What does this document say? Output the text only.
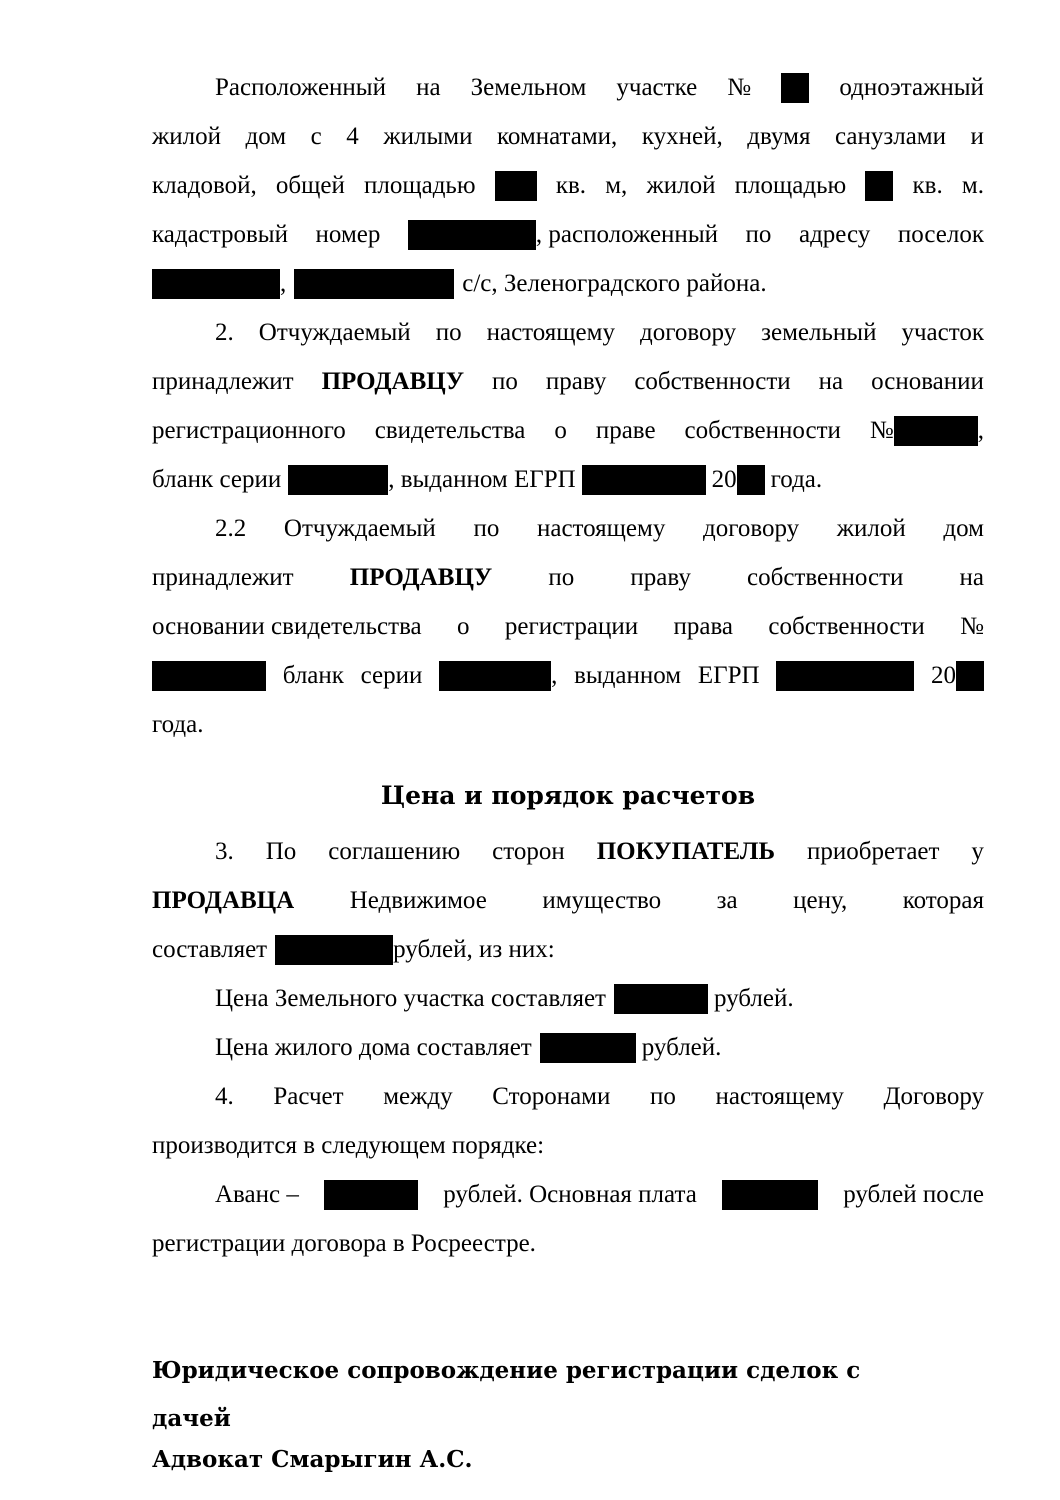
Расположенный на Земельном участке №	одноэтажный
жилой дом с 4 жилыми комнатами, кухней, двумя санузлами и
кладовой, общей площадью	кв. м, жилой площадью	кв. м.
кадастровый номер	, расположенный по адресу поселок
,	с/с, Зеленоградского района.
2. Отчуждаемый по настоящему договору земельный участок
принадлежит ПРОДАВЦУ по праву собственности на основании
регистрационного свидетельства о праве собственности №	,
бланк серии	, выданном ЕГРП	20 года.
2.2 Отчуждаемый по настоящему договору жилой дом
принадлежит ПРОДАВЦУ по праву собственности на
основании свидетельства о регистрации права собственности №
бланк серии	, выданном ЕГРП	20
года.
Цена и порядок расчетов
3. По соглашению сторон ПОКУПАТЕЛЬ приобретает у
ПРОДАВЦА Недвижимое имущество за цену, которая
составляет	рублей, из них:
Цена Земельного участка составляет	рублей.
Цена жилого дома составляет	рублей.
4. Расчет между Сторонами по настоящему Договору
производится в следующем порядке:
Аванс –	рублей. Основная плата	рублей после
регистрации договора в Росреестре.
Юридическое сопровождение регистрации сделок с
дачей
Адвокат Смарыгин А.С.
